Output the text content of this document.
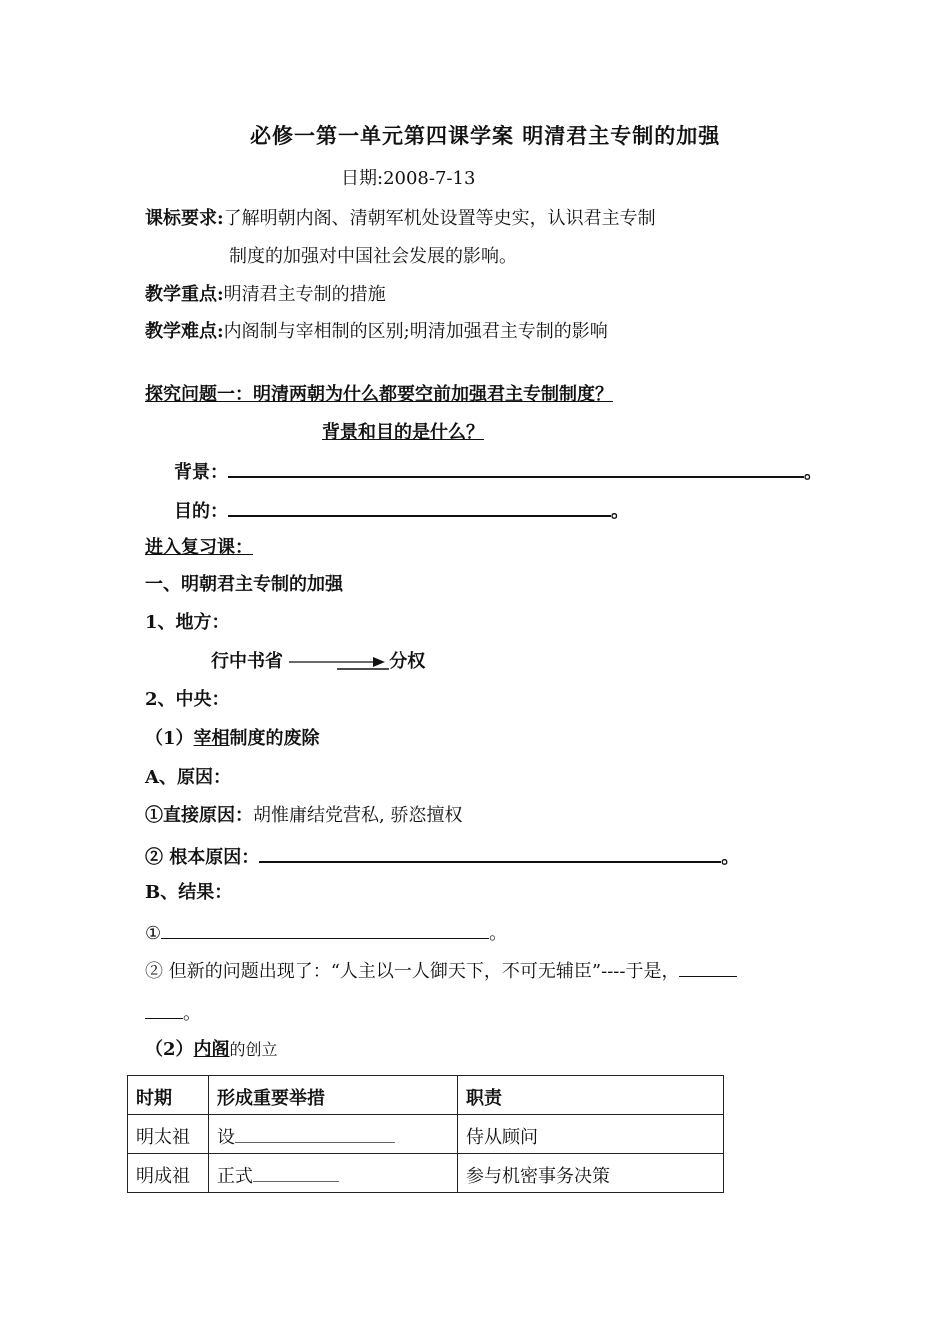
必修一第一单元第四课学案 明清君主专制的加强
日期:2008-7-13
课标要求:了解明朝内阁、清朝军机处设置等史实，认识君主专制
制度的加强对中国社会发展的影响。
教学重点:明清君主专制的措施
教学难点:内阁制与宰相制的区别;明清加强君主专制的影响
探究问题一：明清两朝为什么都要空前加强君主专制制度？
背景和目的是什么？
背景：	。
目的：	。
进入复习课：
一、明朝君主专制的加强
1、地方：
行中书省	分权
2、中央：
（1）宰相制度的废除
A、原因：
①直接原因：胡惟庸结党营私, 骄恣擅权
② 根本原因：	。
B、结果：
①	。
② 但新的问题出现了：“人主以一人御天下，不可无辅臣”----于是，
。
（2）内阁的创立
时期	形成重要举措	职责
明太祖	设	侍从顾问
明成祖	正式	参与机密事务决策
